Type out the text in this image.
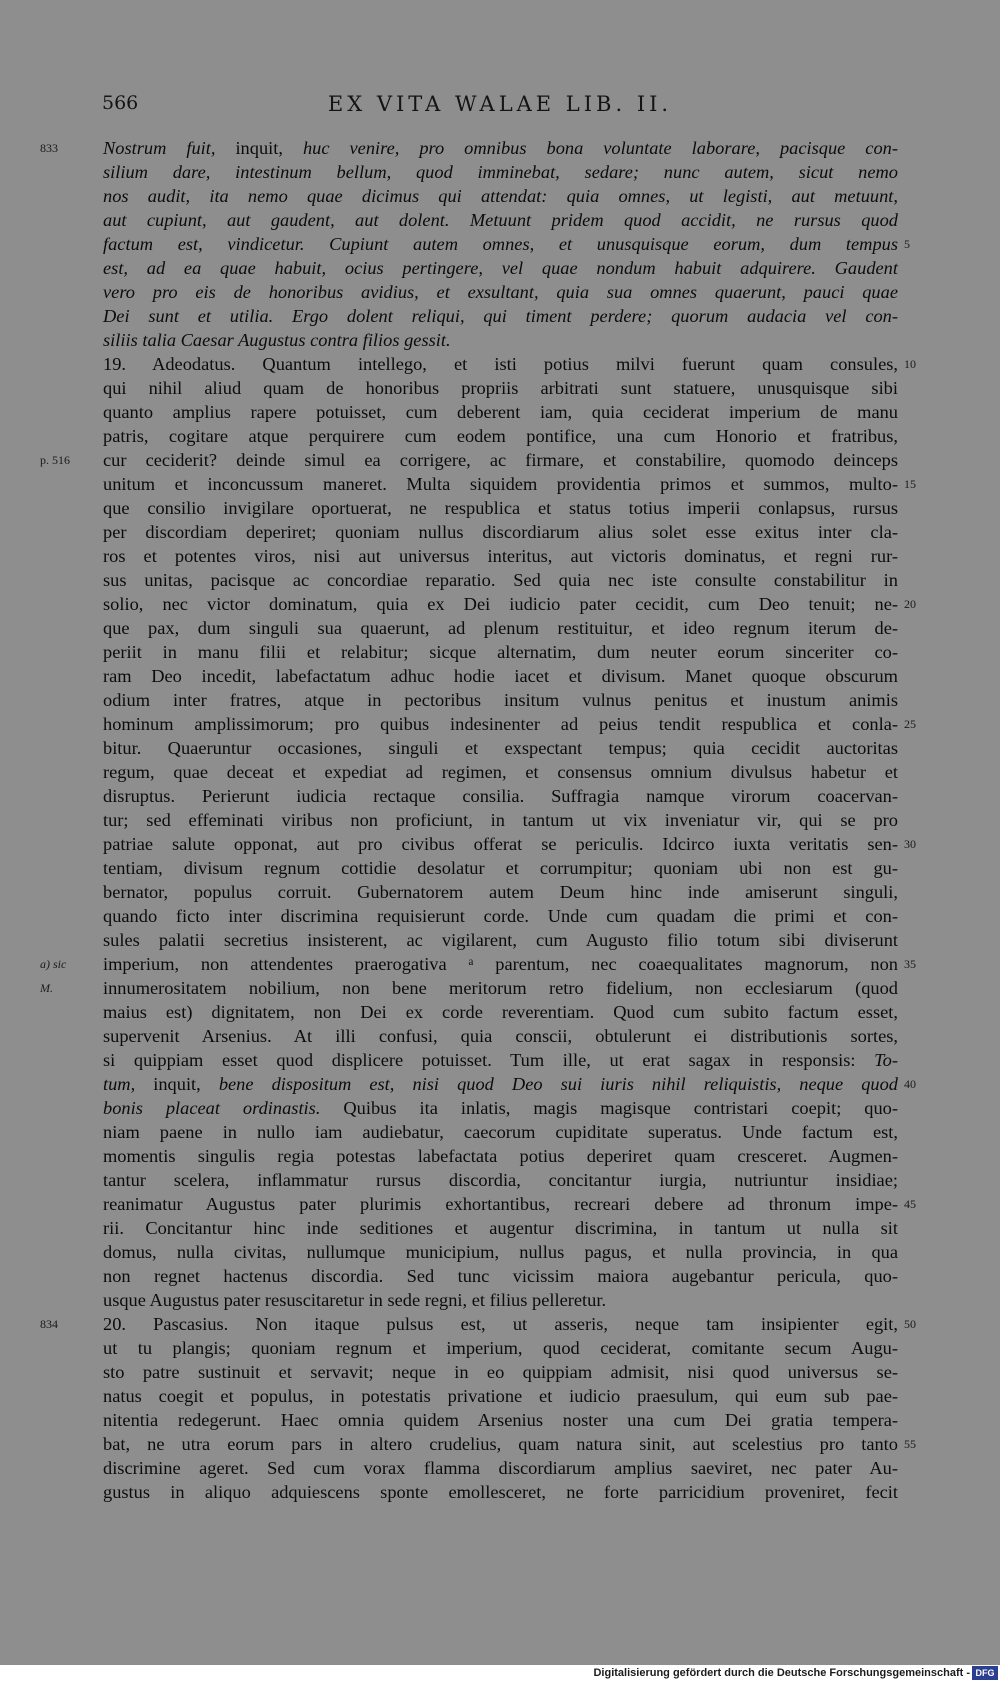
566	EX VITA WALAE LIB. II.
833
p. 516
a) sic
M.
834
5
10
15
20
25
30
35
40
45
50
55
Nostrum fuit, inquit, huc venire, pro omnibus bona voluntate laborare, pacisque con-
silium dare, intestinum bellum, quod imminebat, sedare; nunc autem, sicut nemo
nos audit, ita nemo quae dicimus qui attendat: quia omnes, ut legisti, aut metuunt,
aut cupiunt, aut gaudent, aut dolent. Metuunt pridem quod accidit, ne rursus quod
factum est, vindicetur. Cupiunt autem omnes, et unusquisque eorum, dum tempus
est, ad ea quae habuit, ocius pertingere, vel quae nondum habuit adquirere. Gaudent
vero pro eis de honoribus avidius, et exsultant, quia sua omnes quaerunt, pauci quae
Dei sunt et utilia. Ergo dolent reliqui, qui timent perdere; quorum audacia vel con-
siliis talia Caesar Augustus contra filios gessit.
19. Adeodatus. Quantum intellego, et isti potius milvi fuerunt quam consules,
qui nihil aliud quam de honoribus propriis arbitrati sunt statuere, unusquisque sibi
quanto amplius rapere potuisset, cum deberent iam, quia ceciderat imperium de manu
patris, cogitare atque perquirere cum eodem pontifice, una cum Honorio et fratribus,
cur ceciderit? deinde simul ea corrigere, ac firmare, et constabilire, quomodo deinceps
unitum et inconcussum maneret. Multa siquidem providentia primos et summos, multo-
que consilio invigilare oportuerat, ne respublica et status totius imperii conlapsus, rursus
per discordiam deperiret; quoniam nullus discordiarum alius solet esse exitus inter cla-
ros et potentes viros, nisi aut universus interitus, aut victoris dominatus, et regni rur-
sus unitas, pacisque ac concordiae reparatio. Sed quia nec iste consulte constabilitur in
solio, nec victor dominatum, quia ex Dei iudicio pater cecidit, cum Deo tenuit; ne-
que pax, dum singuli sua quaerunt, ad plenum restituitur, et ideo regnum iterum de-
periit in manu filii et relabitur; sicque alternatim, dum neuter eorum sinceriter co-
ram Deo incedit, labefactatum adhuc hodie iacet et divisum. Manet quoque obscurum
odium inter fratres, atque in pectoribus insitum vulnus penitus et inustum animis
hominum amplissimorum; pro quibus indesinenter ad peius tendit respublica et conla-
bitur. Quaeruntur occasiones, singuli et exspectant tempus; quia cecidit auctoritas
regum, quae deceat et expediat ad regimen, et consensus omnium divulsus habetur et
disruptus. Perierunt iudicia rectaque consilia. Suffragia namque virorum coacervan-
tur; sed effeminati viribus non proficiunt, in tantum ut vix inveniatur vir, qui se pro
patriae salute opponat, aut pro civibus offerat se periculis. Idcirco iuxta veritatis sen-
tentiam, divisum regnum cottidie desolatur et corrumpitur; quoniam ubi non est gu-
bernator, populus corruit. Gubernatorem autem Deum hinc inde amiserunt singuli,
quando ficto inter discrimina requisierunt corde. Unde cum quadam die primi et con-
sules palatii secretius insisterent, ac vigilarent, cum Augusto filio totum sibi diviserunt
imperium, non attendentes praerogativa ᵃ parentum, nec coaequalitates magnorum, non
innumerositatem nobilium, non bene meritorum retro fidelium, non ecclesiarum (quod
maius est) dignitatem, non Dei ex corde reverentiam. Quod cum subito factum esset,
supervenit Arsenius. At illi confusi, quia conscii, obtulerunt ei distributionis sortes,
si quippiam esset quod displicere potuisset. Tum ille, ut erat sagax in responsis: To-
tum, inquit, bene dispositum est, nisi quod Deo sui iuris nihil reliquistis, neque quod
bonis placeat ordinastis. Quibus ita inlatis, magis magisque contristari coepit; quo-
niam paene in nullo iam audiebatur, caecorum cupiditate superatus. Unde factum est,
momentis singulis regia potestas labefactata potius deperiret quam cresceret. Augmen-
tantur scelera, inflammatur rursus discordia, concitantur iurgia, nutriuntur insidiae;
reanimatur Augustus pater plurimis exhortantibus, recreari debere ad thronum impe-
rii. Concitantur hinc inde seditiones et augentur discrimina, in tantum ut nulla sit
domus, nulla civitas, nullumque municipium, nullus pagus, et nulla provincia, in qua
non regnet hactenus discordia. Sed tunc vicissim maiora augebantur pericula, quo-
usque Augustus pater resuscitaretur in sede regni, et filius pelleretur.
20. Pascasius. Non itaque pulsus est, ut asseris, neque tam insipienter egit,
ut tu plangis; quoniam regnum et imperium, quod ceciderat, comitante secum Augu-
sto patre sustinuit et servavit; neque in eo quippiam admisit, nisi quod universus se-
natus coegit et populus, in potestatis privatione et iudicio praesulum, qui eum sub pae-
nitentia redegerunt. Haec omnia quidem Arsenius noster una cum Dei gratia tempera-
bat, ne utra eorum pars in altero crudelius, quam natura sinit, aut scelestius pro tanto
discrimine ageret. Sed cum vorax flamma discordiarum amplius saeviret, nec pater Au-
gustus in aliquo adquiescens sponte emollesceret, ne forte parricidium proveniret, fecit
Digitalisierung gefördert durch die Deutsche Forschungsgemeinschaft - DFG
